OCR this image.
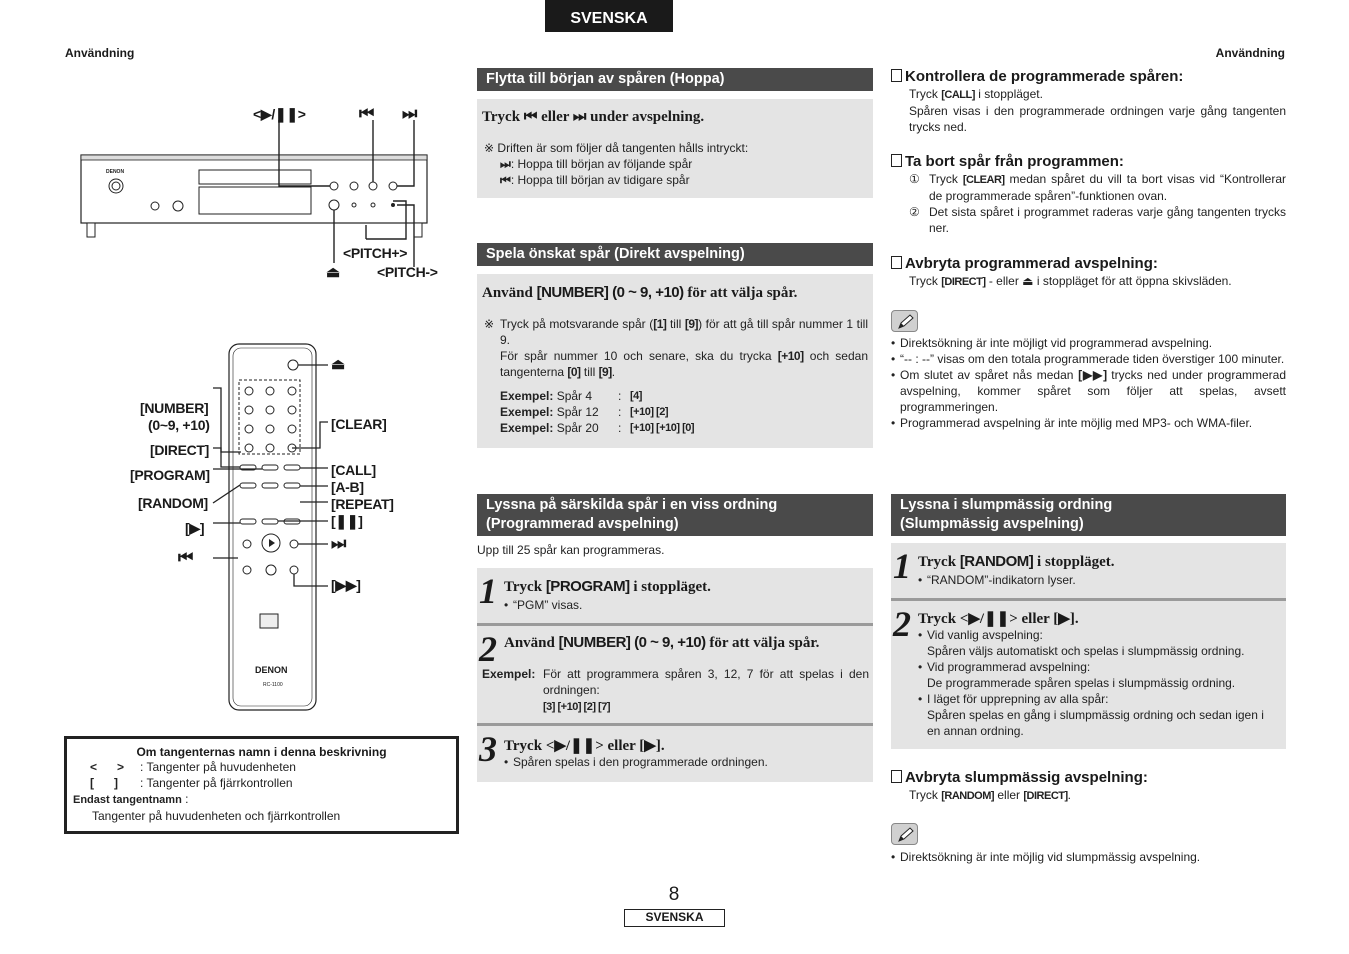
SVENSKA
Användning	Användning
DENON
<▶/❚❚>	⏮ ⏭
<PITCH+>
⏏	<PITCH->
DENON
RC-1100
[NUMBER]
(0~9, +10)
[DIRECT]
[PROGRAM]
[RANDOM]
[▶]
⏮
⏏
[CLEAR]
[CALL]
[A-B]
[REPEAT]
[❚❚]
⏭
[▶▶]
Om tangenternas namn i denna beskrivning
<      > : Tangenter på huvudenheten
[      ] : Tangenter på fjärrkontrollen
Endast tangentnamn :
Tangenter på huvudenheten och fjärrkontrollen
Flytta till början av spåren (Hoppa)
Tryck ⏮ eller ⏭ under avspelning.
※ Driften är som följer då tangenten hålls intryckt:
⏭: Hoppa till början av följande spår
⏮: Hoppa till början av tidigare spår
Spela önskat spår (Direkt avspelning)
Använd [NUMBER] (0 ~ 9, +10) för att välja spår.
※ Tryck på motsvarande spår ([1] till [9]) för att gå till spår nummer 1 till 9.
För spår nummer 10 och senare, ska du trycka [+10] och sedan tangenterna [0] till [9].
Exempel: Spår 4	: [4]
Exempel: Spår 12	: [+10] [2]
Exempel: Spår 20	: [+10] [+10] [0]
Lyssna på särskilda spår i en viss ordning
(Programmerad avspelning)
Upp till 25 spår kan programmeras.
1 Tryck [PROGRAM] i stoppläget.
• “PGM” visas.
2 Använd [NUMBER] (0 ~ 9, +10) för att välja spår.
Exempel: För att programmera spåren 3, 12, 7 för att spelas i den ordningen:
[3] [+10] [2] [7]
3 Tryck <▶/❚❚> eller [▶].
• Spåren spelas i den programmerade ordningen.
Kontrollera de programmerade spåren:
Tryck [CALL] i stoppläget.
Spåren visas i den programmerade ordningen varje gång tangenten trycks ned.
Ta bort spår från programmen:
① Tryck [CLEAR] medan spåret du vill ta bort visas vid “Kontrollerar de programmerade spåren”-funktionen ovan.
② Det sista spåret i programmet raderas varje gång tangenten trycks ner.
Avbryta programmerad avspelning:
Tryck [DIRECT] - eller ⏏ i stoppläget för att öppna skivsläden.
• Direktsökning är inte möjligt vid programmerad avspelning.
• “-- : --” visas om den totala programmerade tiden överstiger 100 minuter.
• Om slutet av spåret nås medan [▶▶] trycks ned under programmerad avspelning, kommer spåret som följer att spelas, avsett programmeringen.
• Programmerad avspelning är inte möjlig med MP3- och WMA-filer.
Lyssna i slumpmässig ordning
(Slumpmässig avspelning)
1 Tryck [RANDOM] i stoppläget.
• “RANDOM”-indikatorn lyser.
2 Tryck <▶/❚❚> eller [▶].
• Vid vanlig avspelning:
Spåren väljs automatiskt och spelas i slumpmässig ordning.
• Vid programmerad avspelning:
De programmerade spåren spelas i slumpmässig ordning.
• I läget för upprepning av alla spår:
Spåren spelas en gång i slumpmässig ordning och sedan igen i en annan ordning.
Avbryta slumpmässig avspelning:
Tryck [RANDOM] eller [DIRECT].
• Direktsökning är inte möjlig vid slumpmässig avspelning.
8
SVENSKA
